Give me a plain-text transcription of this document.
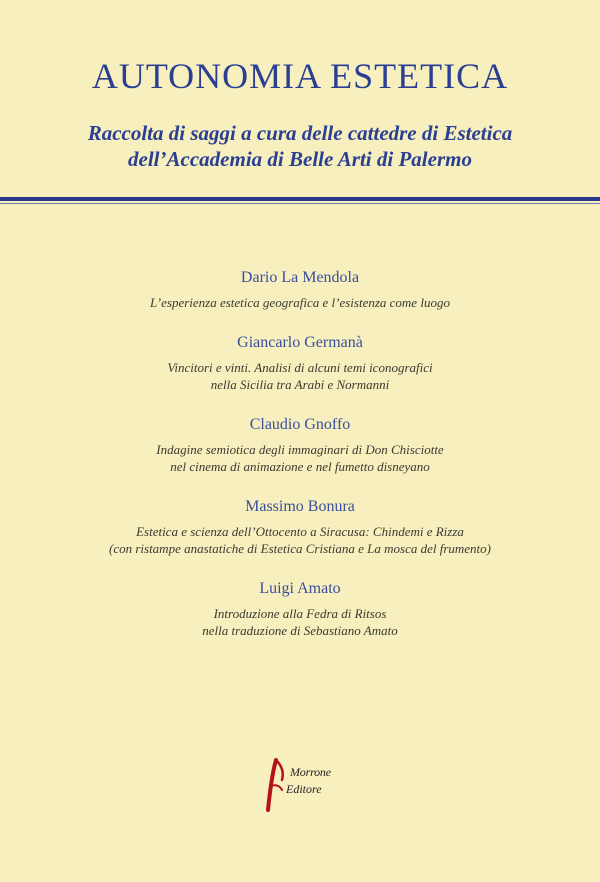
AUTONOMIA ESTETICA
Raccolta di saggi a cura delle cattedre di Estetica
dell’Accademia di Belle Arti di Palermo
Dario La Mendola
L’esperienza estetica geografica e l’esistenza come luogo
Giancarlo Germanà
Vincitori e vinti. Analisi di alcuni temi iconografici
nella Sicilia tra Arabi e Normanni
Claudio Gnoffo
Indagine semiotica degli immaginari di Don Chisciotte
nel cinema di animazione e nel fumetto disneyano
Massimo Bonura
Estetica e scienza dell’Ottocento a Siracusa: Chindemi e Rizza
(con ristampe anastatiche di Estetica Cristiana e La mosca del frumento)
Luigi Amato
Introduzione alla Fedra di Ritsos
nella traduzione di Sebastiano Amato
Morrone
Editore
